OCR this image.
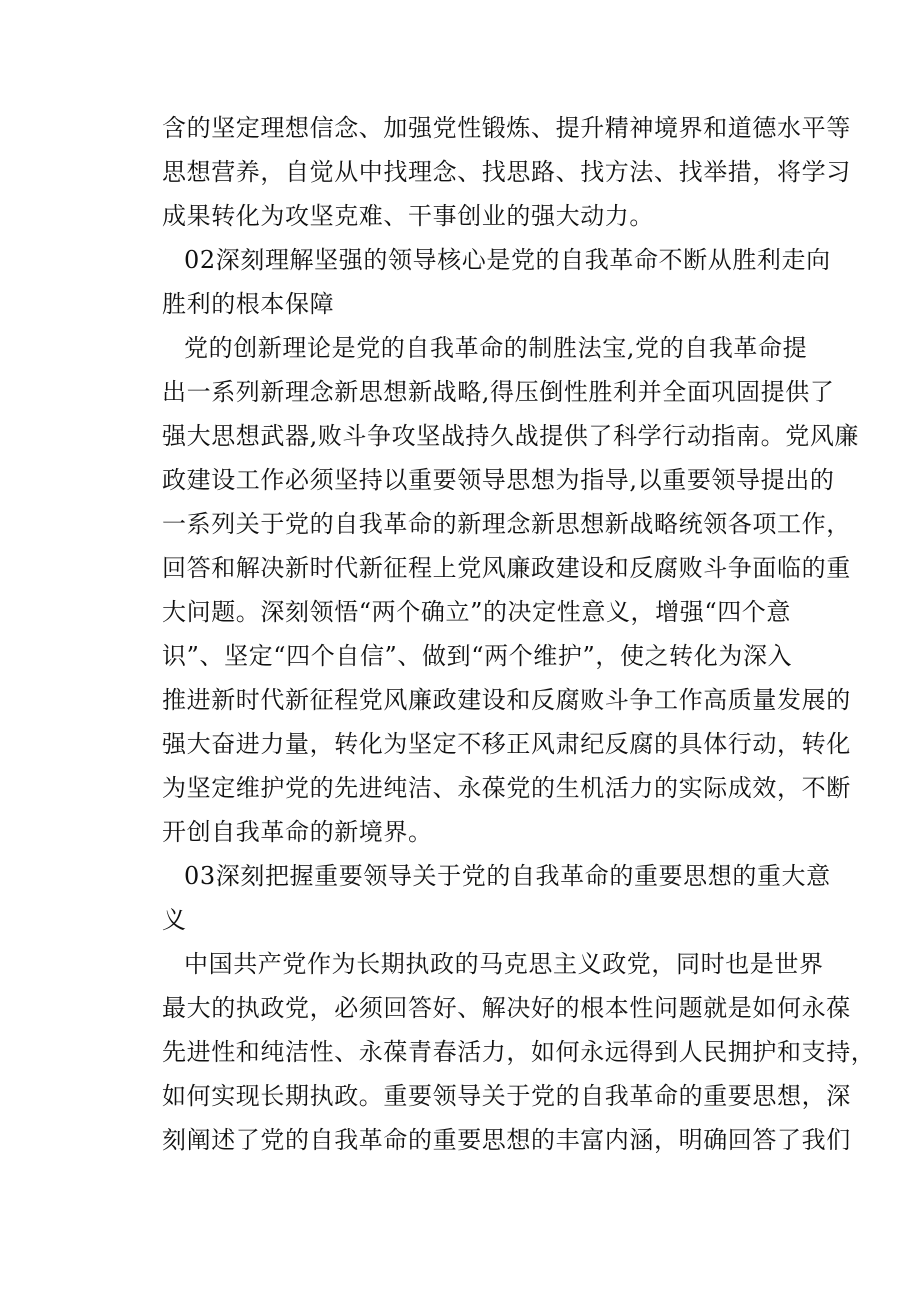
含的坚定理想信念、加强党性锻炼、提升精神境界和道德水平等
思想营养，自觉从中找理念、找思路、找方法、找举措，将学习
成果转化为攻坚克难、干事创业的强大动力。
02深刻理解坚强的领导核心是党的自我革命不断从胜利走向
胜利的根本保障
党的创新理论是党的自我革命的制胜法宝,党的自我革命提
出一系列新理念新思想新战略,得压倒性胜利并全面巩固提供了
强大思想武器,败斗争攻坚战持久战提供了科学行动指南。党风廉
政建设工作必须坚持以重要领导思想为指导,以重要领导提出的
一系列关于党的自我革命的新理念新思想新战略统领各项工作，
回答和解决新时代新征程上党风廉政建设和反腐败斗争面临的重
大问题。深刻领悟“两个确立”的决定性意义，增强“四个意
识”、坚定“四个自信”、做到“两个维护”，使之转化为深入
推进新时代新征程党风廉政建设和反腐败斗争工作高质量发展的
强大奋进力量，转化为坚定不移正风肃纪反腐的具体行动，转化
为坚定维护党的先进纯洁、永葆党的生机活力的实际成效，不断
开创自我革命的新境界。
03深刻把握重要领导关于党的自我革命的重要思想的重大意
义
中国共产党作为长期执政的马克思主义政党，同时也是世界
最大的执政党，必须回答好、解决好的根本性问题就是如何永葆
先进性和纯洁性、永葆青春活力，如何永远得到人民拥护和支持，
如何实现长期执政。重要领导关于党的自我革命的重要思想，深
刻阐述了党的自我革命的重要思想的丰富内涵，明确回答了我们
